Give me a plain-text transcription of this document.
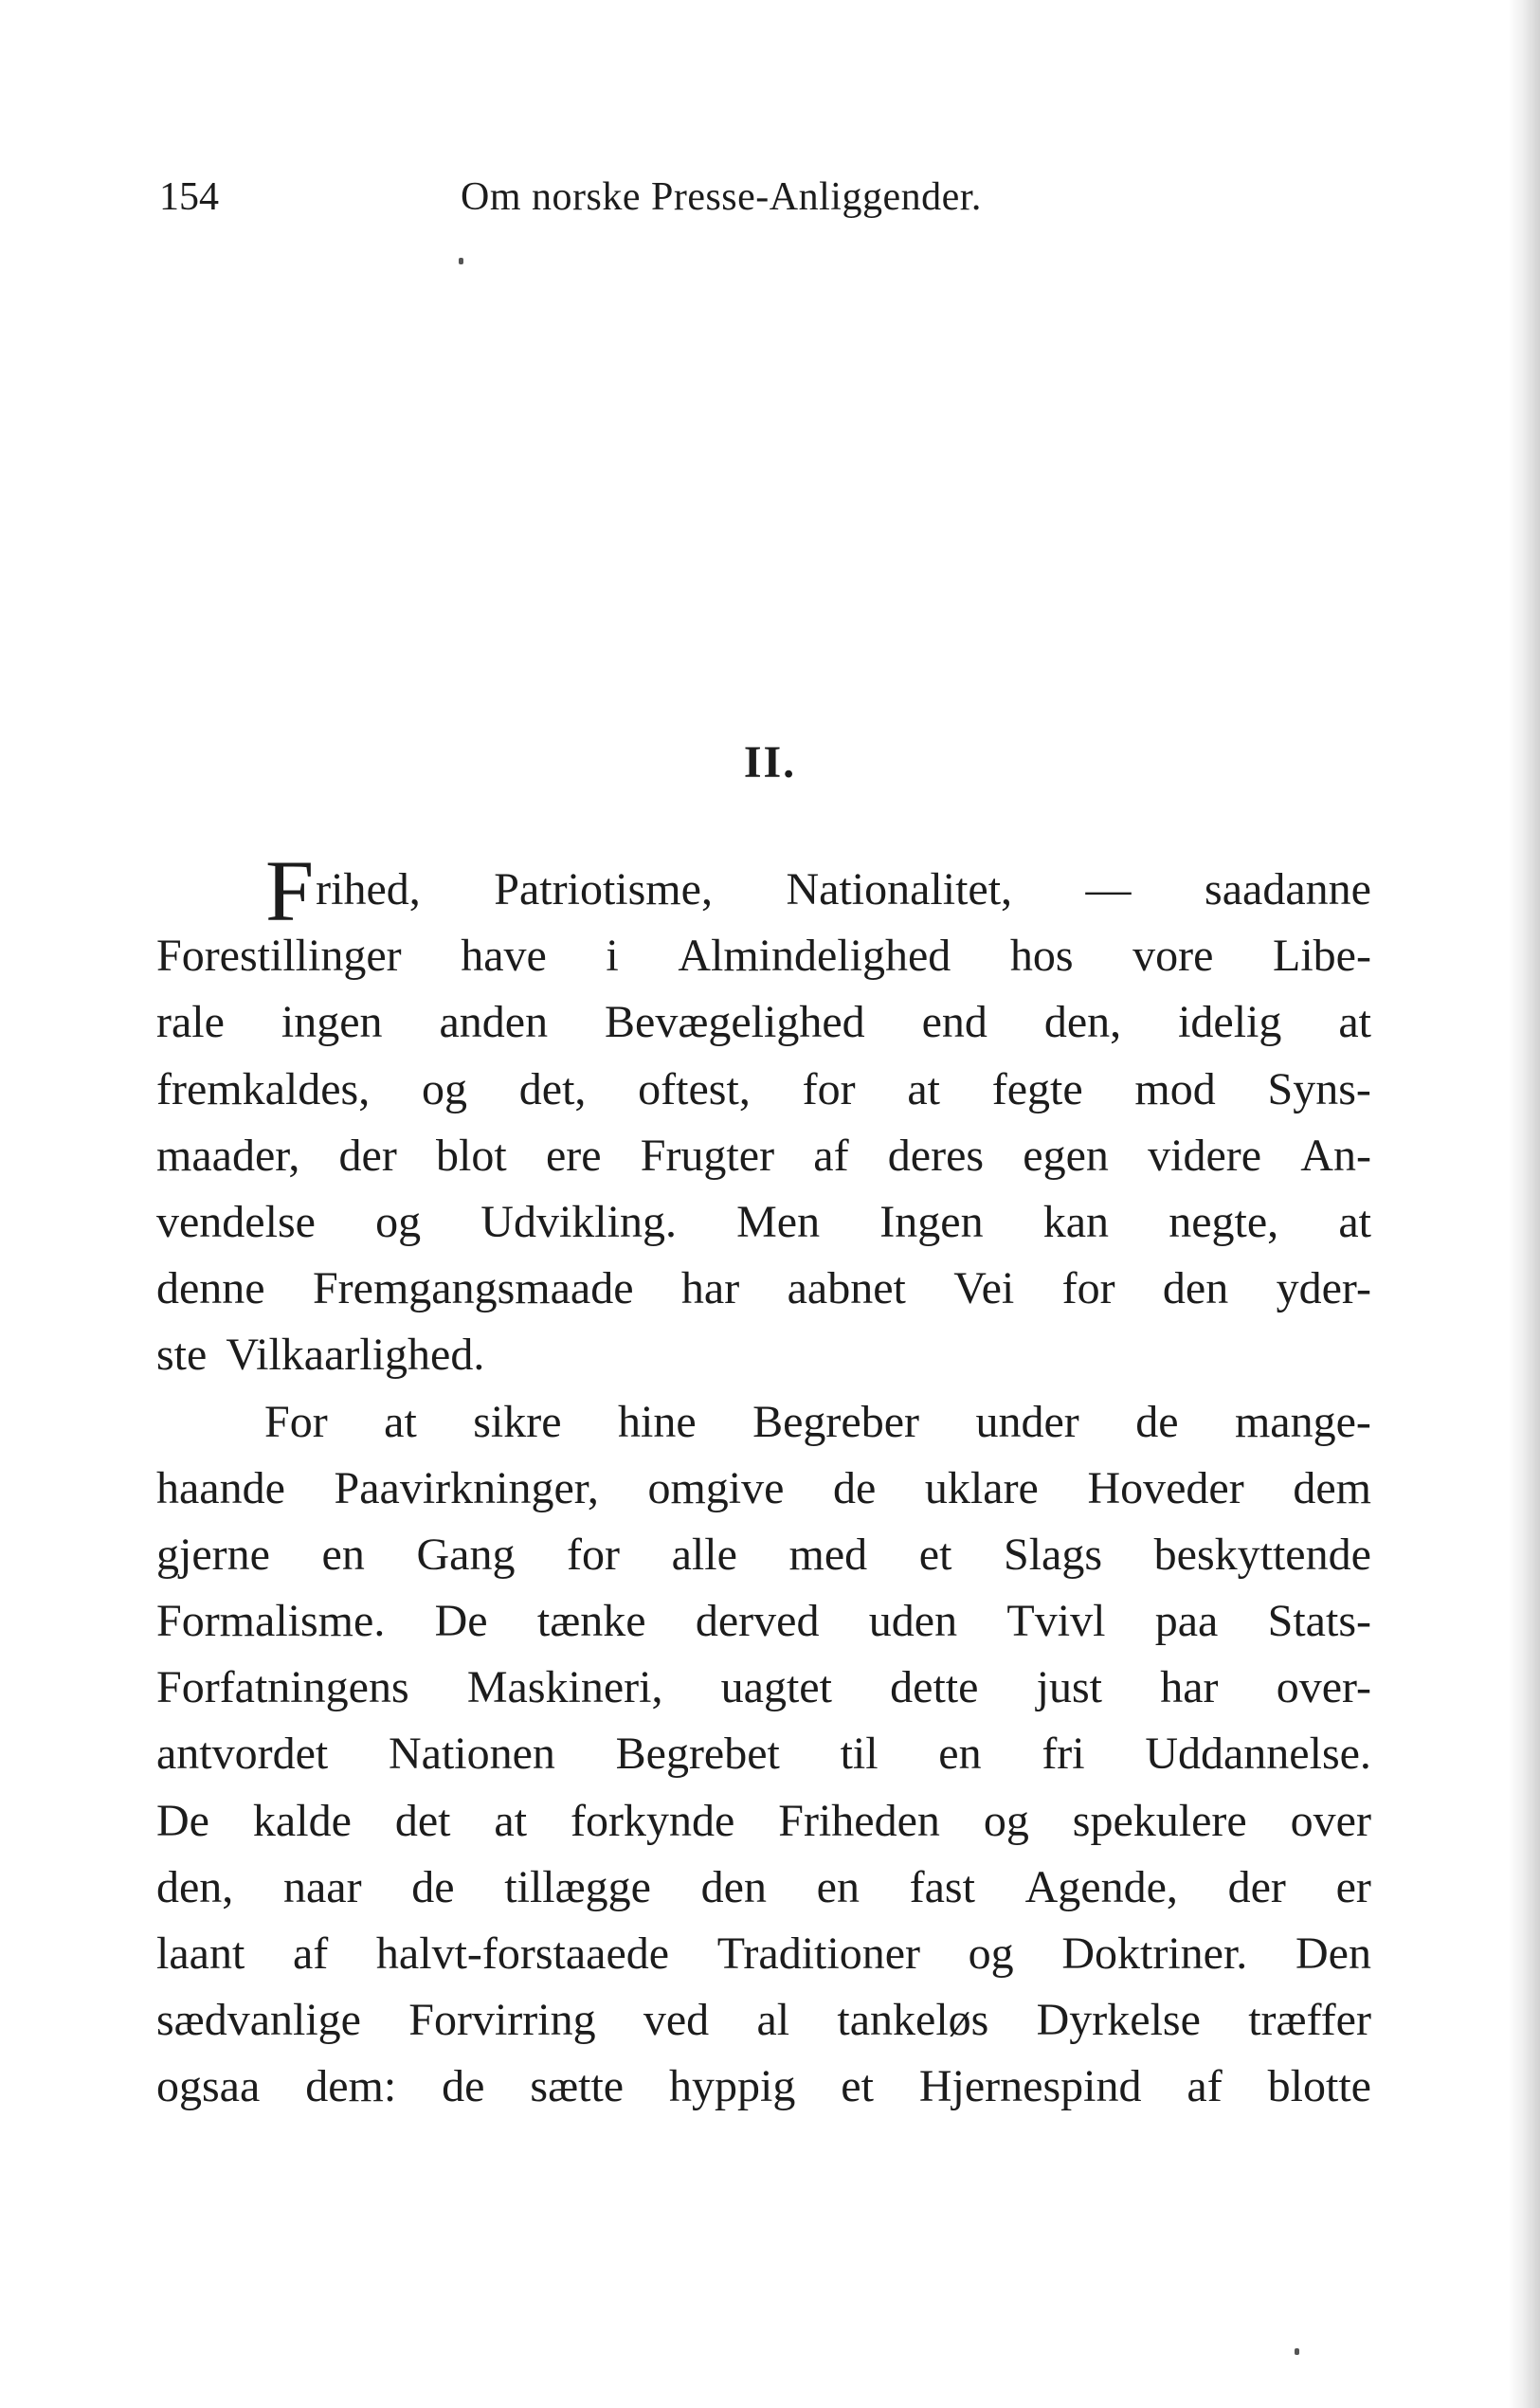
154	Om norske Presse-Anliggender.
II.
F rihed, Patriotisme, Nationalitet, — saadanne
Forestillinger have i Almindelighed hos vore Libe-
rale ingen anden Bevægelighed end den, idelig at
fremkaldes, og det, oftest, for at fegte mod Syns-
maader, der blot ere Frugter af deres egen videre An-
vendelse og Udvikling. Men Ingen kan negte, at
denne Fremgangsmaade har aabnet Vei for den yder-
ste Vilkaarlighed.
For at sikre hine Begreber under de mange-
haande Paavirkninger, omgive de uklare Hoveder dem
gjerne en Gang for alle med et Slags beskyttende
Formalisme. De tænke derved uden Tvivl paa Stats-
Forfatningens Maskineri, uagtet dette just har over-
antvordet Nationen Begrebet til en fri Uddannelse.
De kalde det at forkynde Friheden og spekulere over
den, naar de tillægge den en fast Agende, der er
laant af halvt-forstaaede Traditioner og Doktriner. Den
sædvanlige Forvirring ved al tankeløs Dyrkelse træffer
ogsaa dem: de sætte hyppig et Hjernespind af blotte
